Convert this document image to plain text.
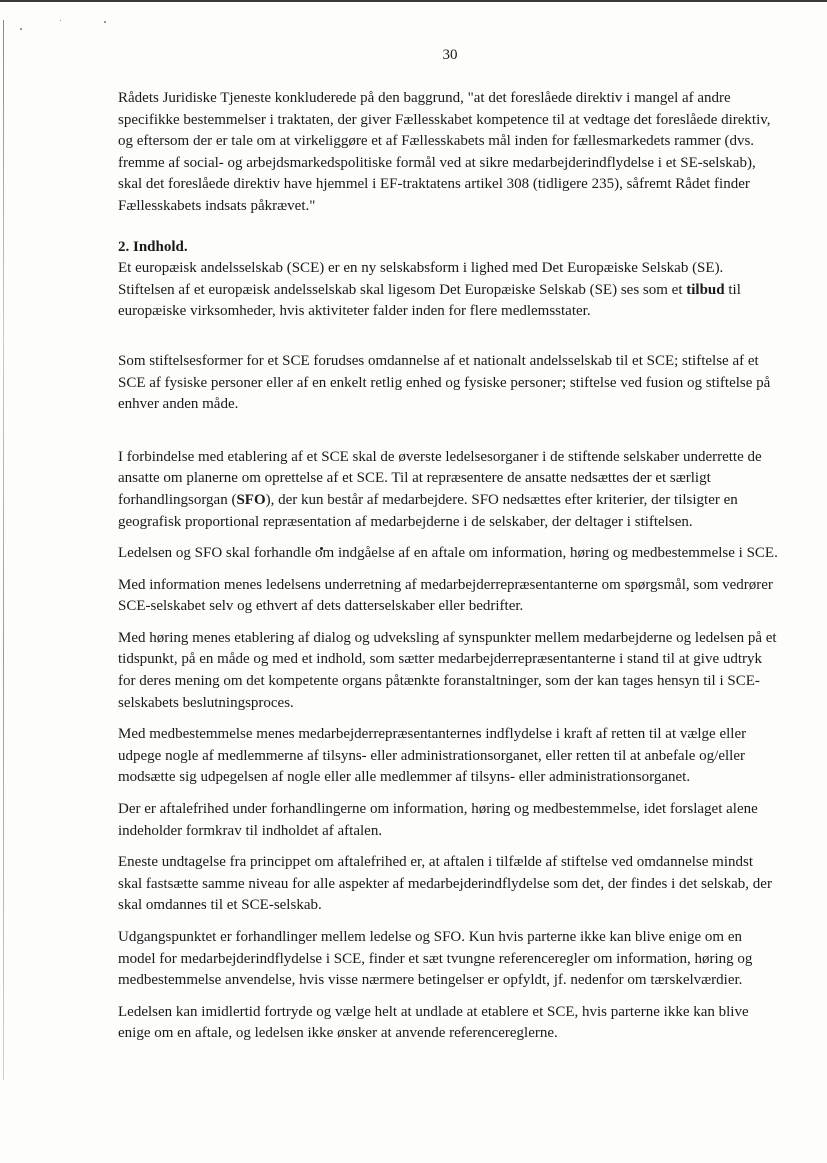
30

Rådets Juridiske Tjeneste konkluderede på den baggrund, "at det foreslåede direktiv i mangel af andre specifikke bestemmelser i traktaten, der giver Fællesskabet kompetence til at vedtage det foreslåede direktiv, og eftersom der er tale om at virkeliggøre et af Fællesskabets mål inden for fællesmarkedets rammer (dvs. fremme af social- og arbejdsmarkedspolitiske formål ved at sikre medarbejderindflydelse i et SE-selskab), skal det foreslåede direktiv have hjemmel i EF-traktatens artikel 308 (tidligere 235), såfremt Rådet finder Fællesskabets indsats påkrævet."

2. Indhold.

Et europæisk andelsselskab (SCE) er en ny selskabsform i lighed med Det Europæiske Selskab (SE). Stiftelsen af et europæisk andelsselskab skal ligesom Det Europæiske Selskab (SE) ses som et tilbud til europæiske virksomheder, hvis aktiviteter falder inden for flere medlemsstater.

Som stiftelsesformer for et SCE forudses omdannelse af et nationalt andelsselskab til et SCE; stiftelse af et SCE af fysiske personer eller af en enkelt retlig enhed og fysiske personer; stiftelse ved fusion og stiftelse på enhver anden måde.

I forbindelse med etablering af et SCE skal de øverste ledelsesorganer i de stiftende selskaber underrette de ansatte om planerne om oprettelse af et SCE. Til at repræsentere de ansatte nedsættes der et særligt forhandlingsorgan (SFO), der kun består af medarbejdere. SFO nedsættes efter kriterier, der tilsigter en geografisk proportional repræsentation af medarbejderne i de selskaber, der deltager i stiftelsen.

Ledelsen og SFO skal forhandle om indgåelse af en aftale om information, høring og medbestemmelse i SCE.

Med information menes ledelsens underretning af medarbejderrepræsentanterne om spørgsmål, som vedrører SCE-selskabet selv og ethvert af dets datterselskaber eller bedrifter.

Med høring menes etablering af dialog og udveksling af synspunkter mellem medarbejderne og ledelsen på et tidspunkt, på en måde og med et indhold, som sætter medarbejderrepræsentanterne i stand til at give udtryk for deres mening om det kompetente organs påtænkte foranstaltninger, som der kan tages hensyn til i SCE-selskabets beslutningsproces.

Med medbestemmelse menes medarbejderrepræsentanternes indflydelse i kraft af retten til at vælge eller udpege nogle af medlemmerne af tilsyns- eller administrationsorganet, eller retten til at anbefale og/eller modsætte sig udpegelsen af nogle eller alle medlemmer af tilsyns- eller administrationsorganet.

Der er aftalefrihed under forhandlingerne om information, høring og medbestemmelse, idet forslaget alene indeholder formkrav til indholdet af aftalen.

Eneste undtagelse fra princippet om aftalefrihed er, at aftalen i tilfælde af stiftelse ved omdannelse mindst skal fastsætte samme niveau for alle aspekter af medarbejderindflydelse som det, der findes i det selskab, der skal omdannes til et SCE-selskab.

Udgangspunktet er forhandlinger mellem ledelse og SFO. Kun hvis parterne ikke kan blive enige om en model for medarbejderindflydelse i SCE, finder et sæt tvungne referenceregler om information, høring og medbestemmelse anvendelse, hvis visse nærmere betingelser er opfyldt, jf. nedenfor om tærskelværdier.

Ledelsen kan imidlertid fortryde og vælge helt at undlade at etablere et SCE, hvis parterne ikke kan blive enige om en aftale, og ledelsen ikke ønsker at anvende referencereglerne.
